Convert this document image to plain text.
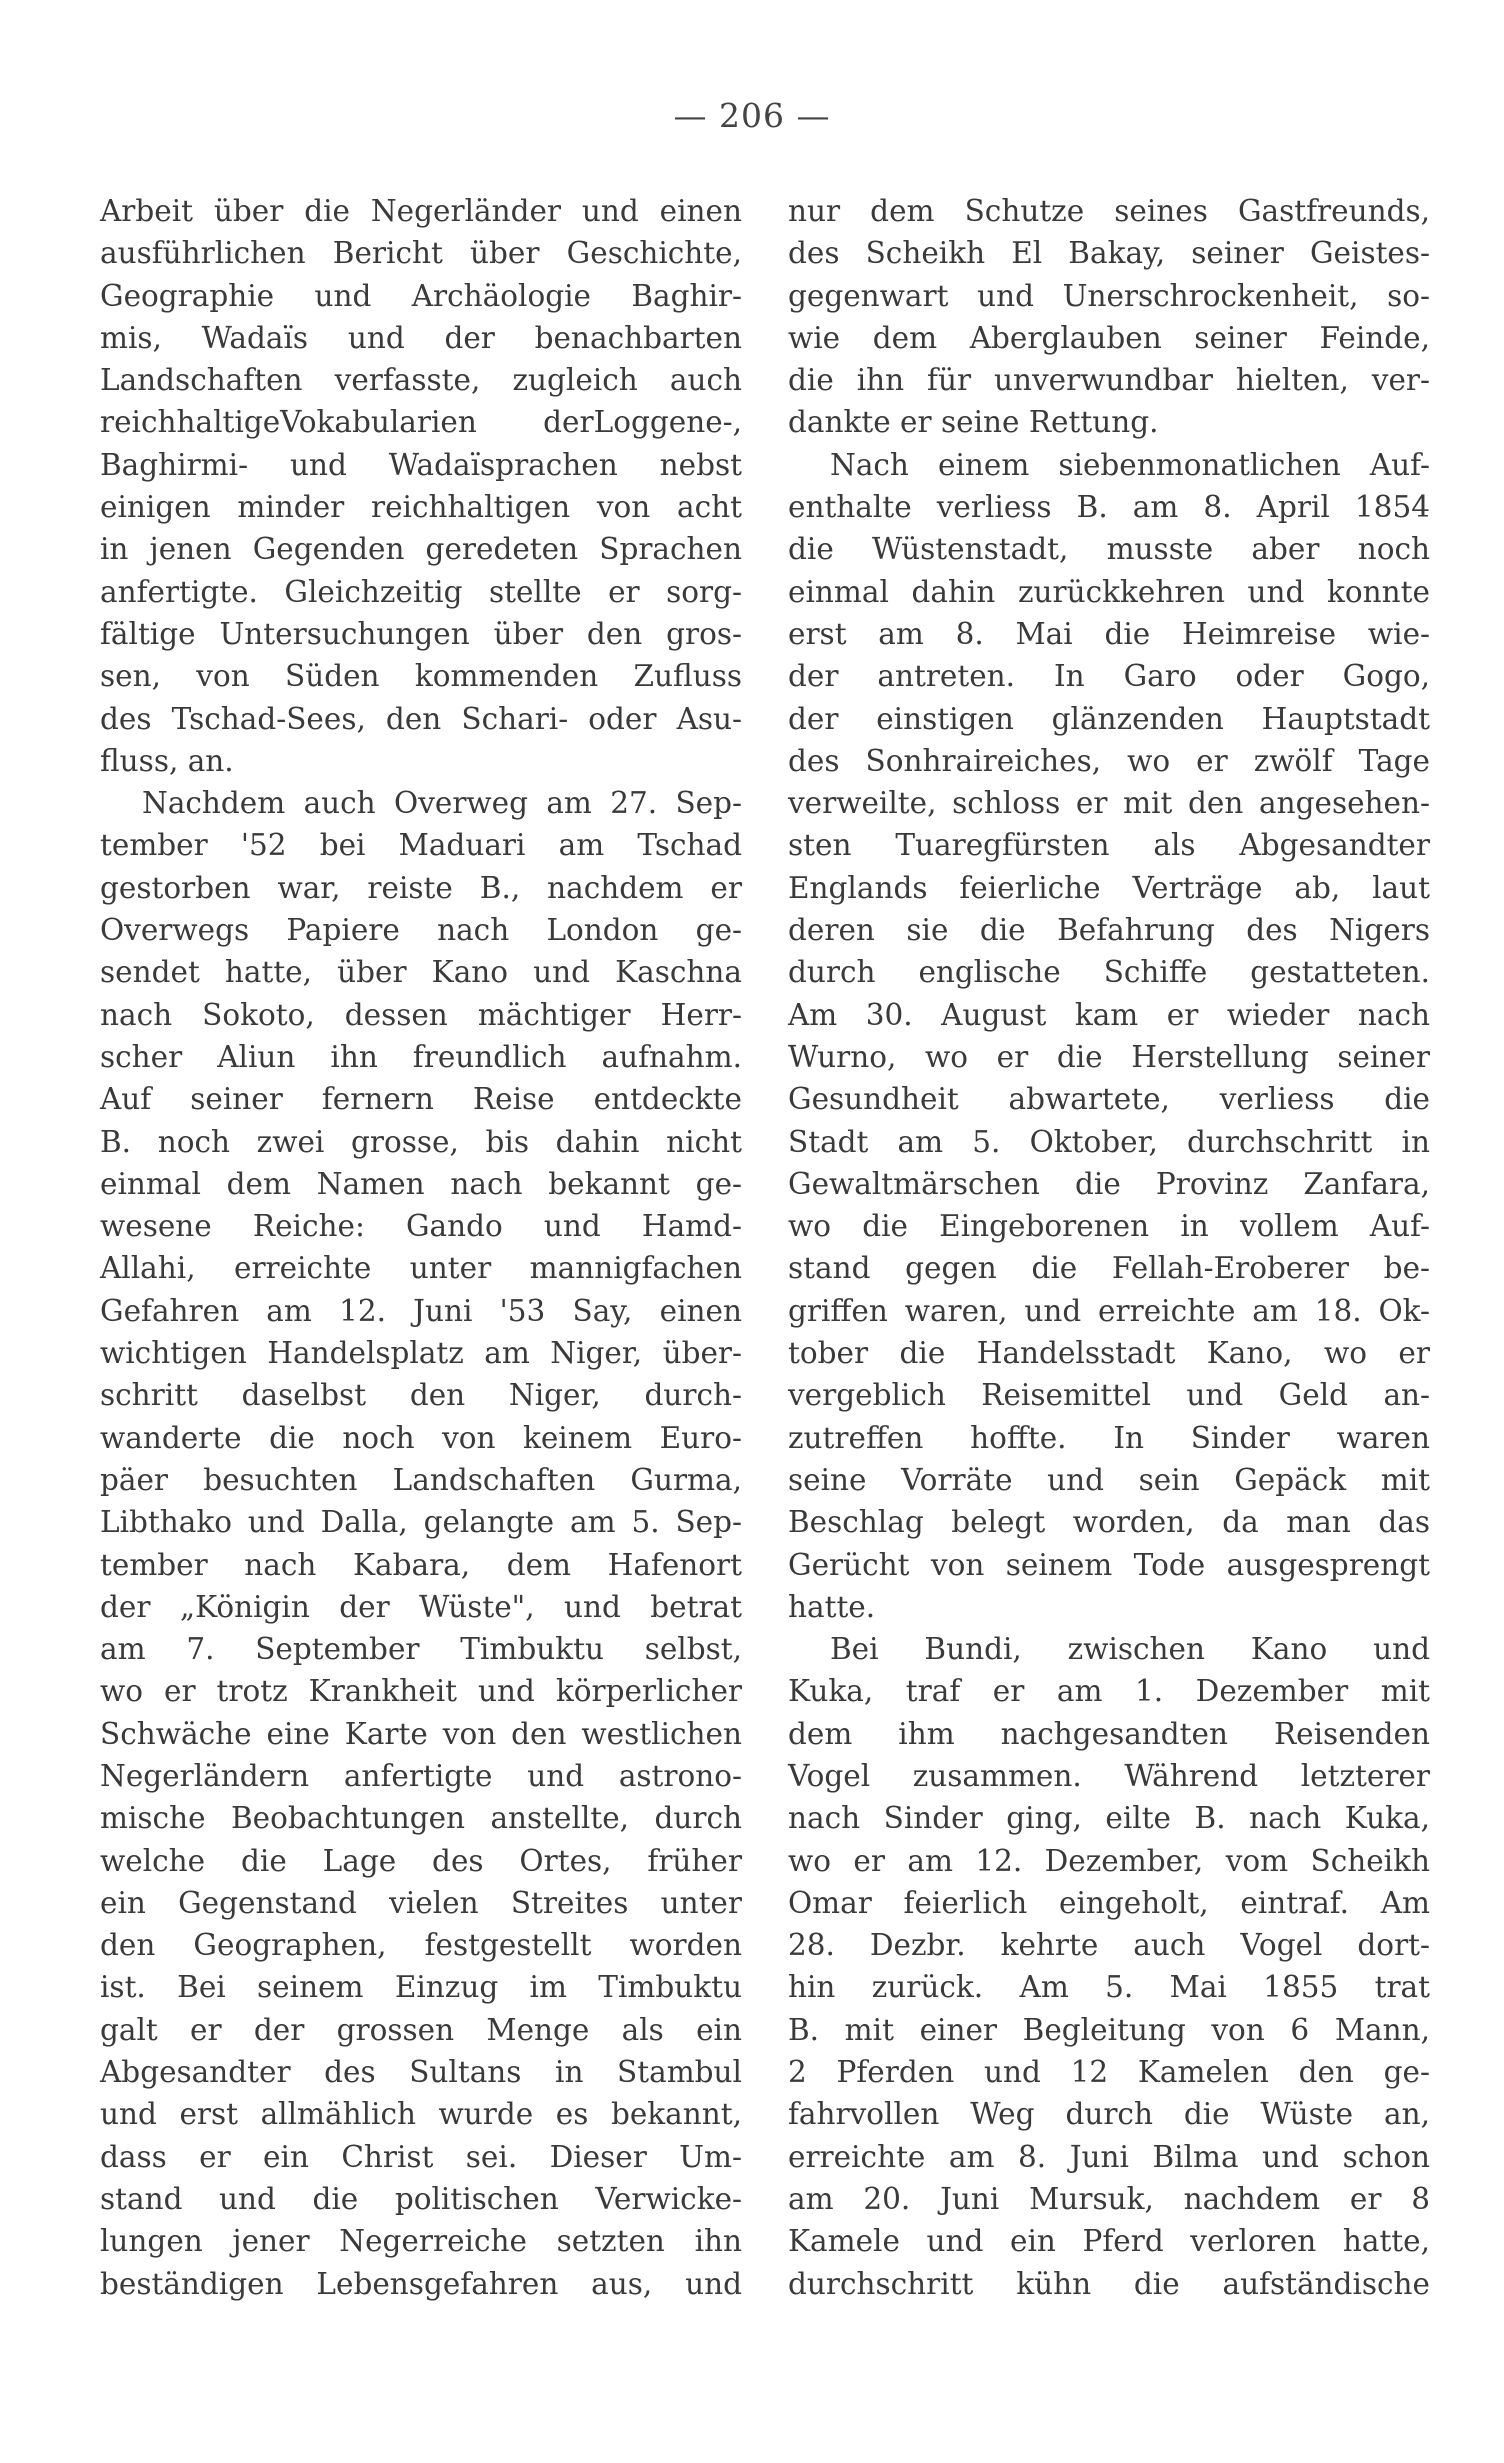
— 206 —
Arbeit über die Negerländer und einen
ausführlichen Bericht über Geschichte,
Geographie und Archäologie Baghir-
mis, Wadaïs und der benachbarten
Landschaften verfasste, zugleich auch
reichhaltigeVokabularien derLoggene-,
Baghirmi- und Wadaïsprachen nebst
einigen minder reichhaltigen von acht
in jenen Gegenden geredeten Sprachen
anfertigte. Gleichzeitig stellte er sorg-
fältige Untersuchungen über den gros-
sen, von Süden kommenden Zufluss
des Tschad-Sees, den Schari- oder Asu-
fluss, an.
Nachdem auch Overweg am 27. Sep-
tember '52 bei Maduari am Tschad
gestorben war, reiste B., nachdem er
Overwegs Papiere nach London ge-
sendet hatte, über Kano und Kaschna
nach Sokoto, dessen mächtiger Herr-
scher Aliun ihn freundlich aufnahm.
Auf seiner fernern Reise entdeckte
B. noch zwei grosse, bis dahin nicht
einmal dem Namen nach bekannt ge-
wesene Reiche: Gando und Hamd-
Allahi, erreichte unter mannigfachen
Gefahren am 12. Juni '53 Say, einen
wichtigen Handelsplatz am Niger, über-
schritt daselbst den Niger, durch-
wanderte die noch von keinem Euro-
päer besuchten Landschaften Gurma,
Libthako und Dalla, gelangte am 5. Sep-
tember nach Kabara, dem Hafenort
der „Königin der Wüste", und betrat
am 7. September Timbuktu selbst,
wo er trotz Krankheit und körperlicher
Schwäche eine Karte von den westlichen
Negerländern anfertigte und astrono-
mische Beobachtungen anstellte, durch
welche die Lage des Ortes, früher
ein Gegenstand vielen Streites unter
den Geographen, festgestellt worden
ist. Bei seinem Einzug im Timbuktu
galt er der grossen Menge als ein
Abgesandter des Sultans in Stambul
und erst allmählich wurde es bekannt,
dass er ein Christ sei. Dieser Um-
stand und die politischen Verwicke-
lungen jener Negerreiche setzten ihn
beständigen Lebensgefahren aus, und
nur dem Schutze seines Gastfreunds,
des Scheikh El Bakay, seiner Geistes-
gegenwart und Unerschrockenheit, so-
wie dem Aberglauben seiner Feinde,
die ihn für unverwundbar hielten, ver-
dankte er seine Rettung.
Nach einem siebenmonatlichen Auf-
enthalte verliess B. am 8. April 1854
die Wüstenstadt, musste aber noch
einmal dahin zurückkehren und konnte
erst am 8. Mai die Heimreise wie-
der antreten. In Garo oder Gogo,
der einstigen glänzenden Hauptstadt
des Sonhraireiches, wo er zwölf Tage
verweilte, schloss er mit den angesehen-
sten Tuaregfürsten als Abgesandter
Englands feierliche Verträge ab, laut
deren sie die Befahrung des Nigers
durch englische Schiffe gestatteten.
Am 30. August kam er wieder nach
Wurno, wo er die Herstellung seiner
Gesundheit abwartete, verliess die
Stadt am 5. Oktober, durchschritt in
Gewaltmärschen die Provinz Zanfara,
wo die Eingeborenen in vollem Auf-
stand gegen die Fellah-Eroberer be-
griffen waren, und erreichte am 18. Ok-
tober die Handelsstadt Kano, wo er
vergeblich Reisemittel und Geld an-
zutreffen hoffte. In Sinder waren
seine Vorräte und sein Gepäck mit
Beschlag belegt worden, da man das
Gerücht von seinem Tode ausgesprengt
hatte.
Bei Bundi, zwischen Kano und
Kuka, traf er am 1. Dezember mit
dem ihm nachgesandten Reisenden
Vogel zusammen. Während letzterer
nach Sinder ging, eilte B. nach Kuka,
wo er am 12. Dezember, vom Scheikh
Omar feierlich eingeholt, eintraf. Am
28. Dezbr. kehrte auch Vogel dort-
hin zurück. Am 5. Mai 1855 trat
B. mit einer Begleitung von 6 Mann,
2 Pferden und 12 Kamelen den ge-
fahrvollen Weg durch die Wüste an,
erreichte am 8. Juni Bilma und schon
am 20. Juni Mursuk, nachdem er 8
Kamele und ein Pferd verloren hatte,
durchschritt kühn die aufständische
